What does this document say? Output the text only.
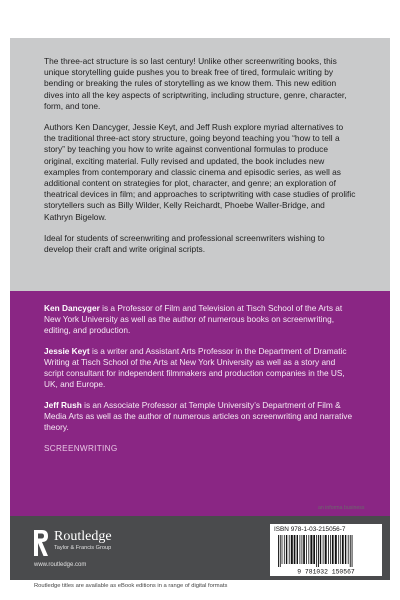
The three-act structure is so last century! Unlike other screenwriting books, this unique storytelling guide pushes you to break free of tired, formulaic writing by bending or breaking the rules of storytelling as we know them. This new edition dives into all the key aspects of scriptwriting, including structure, genre, character, form, and tone.

Authors Ken Dancyger, Jessie Keyt, and Jeff Rush explore myriad alternatives to the traditional three-act story structure, going beyond teaching you “how to tell a story” by teaching you how to write against conventional formulas to produce original, exciting material. Fully revised and updated, the book includes new examples from contemporary and classic cinema and episodic series, as well as additional content on strategies for plot, character, and genre; an exploration of theatrical devices in film; and approaches to scriptwriting with case studies of prolific storytellers such as Billy Wilder, Kelly Reichardt, Phoebe Waller-Bridge, and Kathryn Bigelow.

Ideal for students of screenwriting and professional screenwriters wishing to develop their craft and write original scripts.

Ken Dancyger is a Professor of Film and Television at Tisch School of the Arts at New York University as well as the author of numerous books on screenwriting, editing, and production.

Jessie Keyt is a writer and Assistant Arts Professor in the Department of Dramatic Writing at Tisch School of the Arts at New York University as well as a story and script consultant for independent filmmakers and production companies in the US, UK, and Europe.

Jeff Rush is an Associate Professor at Temple University’s Department of Film & Media Arts as well as the author of numerous articles on screenwriting and narrative theory.

SCREENWRITING
an informa business
Routledge
Taylor & Francis Group
www.routledge.com
ISBN 978-1-03-215056-7
9 781032 150567
Routledge titles are available as eBook editions in a range of digital formats
